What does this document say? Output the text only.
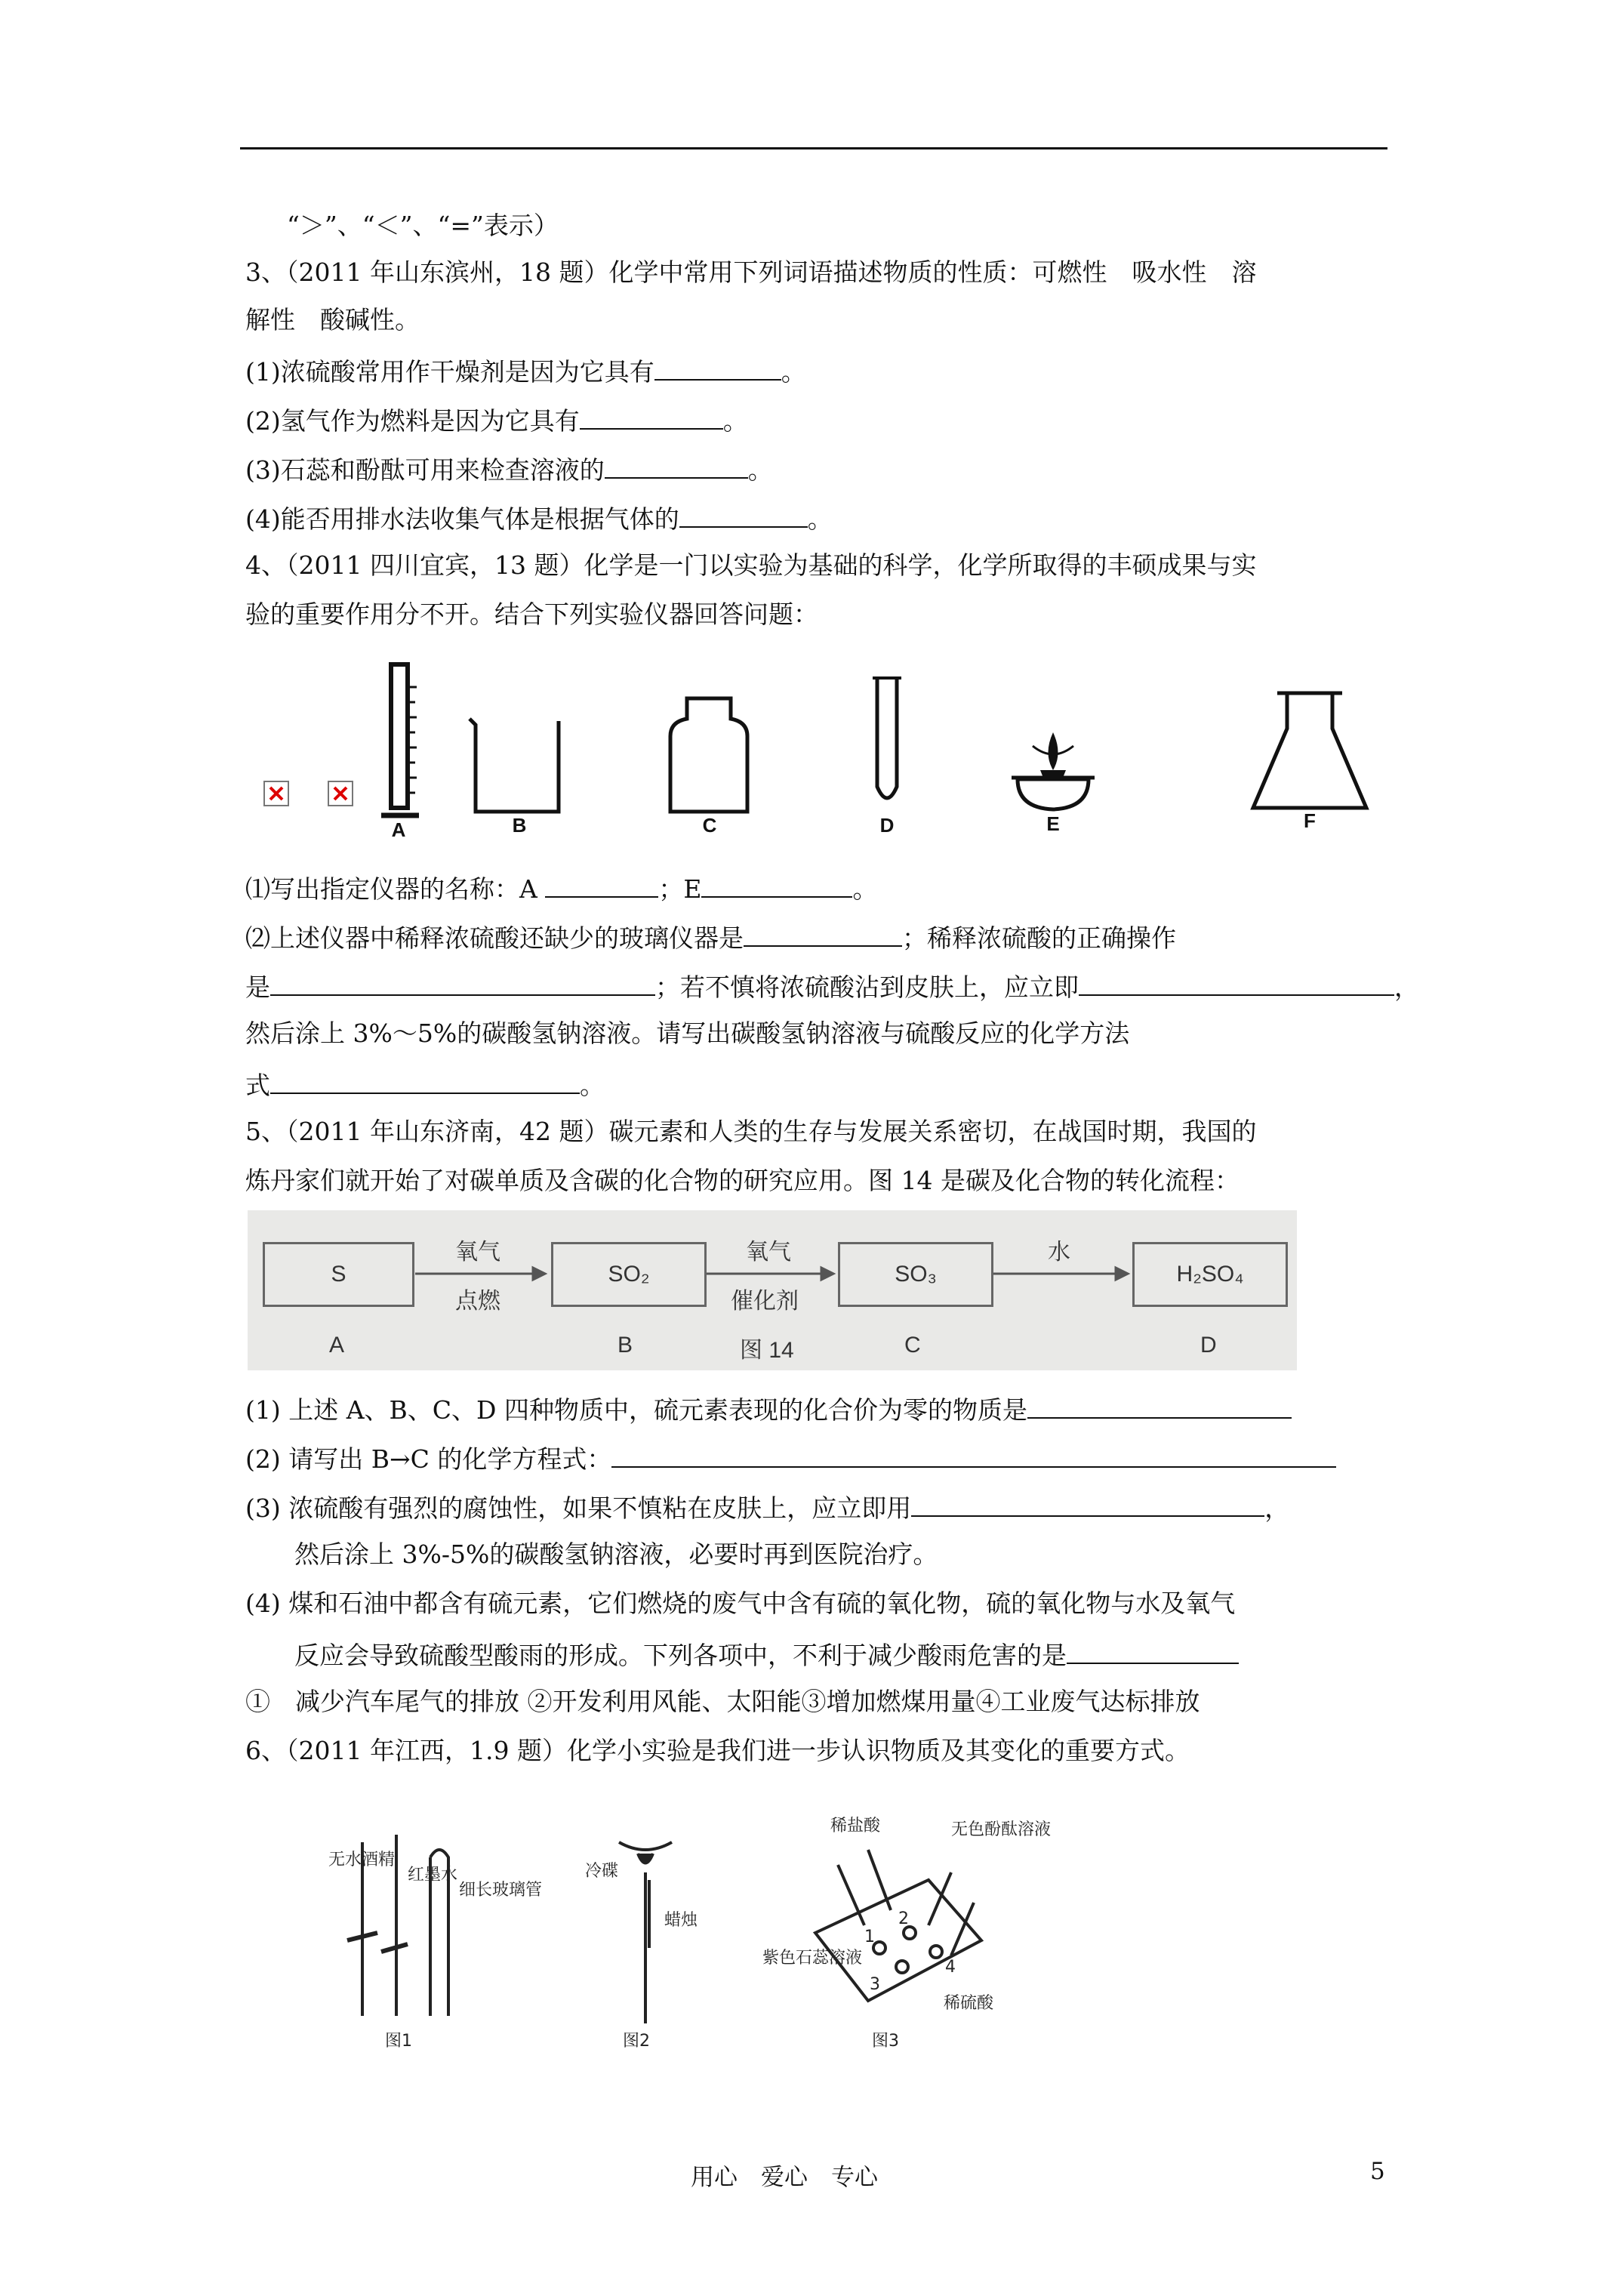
“＞”、“＜”、“=”表示）
3、（2011 年山东滨州，18 题）化学中常用下列词语描述物质的性质：可燃性　吸水性　溶
解性　酸碱性。
(1)浓硫酸常用作干燥剂是因为它具有	。
(2)氢气作为燃料是因为它具有	。
(3)石蕊和酚酞可用来检查溶液的	。
(4)能否用排水法收集气体是根据气体的	。
4、（2011 四川宜宾，13 题）化学是一门以实验为基础的科学，化学所取得的丰硕成果与实
验的重要作用分不开。结合下列实验仪器回答问题：
A	B	C	D	E	F
⑴写出指定仪器的名称：A	；E	。
⑵上述仪器中稀释浓硫酸还缺少的玻璃仪器是	；稀释浓硫酸的正确操作
是	；若不慎将浓硫酸沾到皮肤上，应立即	，
然后涂上 3%～5%的碳酸氢钠溶液。请写出碳酸氢钠溶液与硫酸反应的化学方法
式	。
5、（2011 年山东济南，42 题）碳元素和人类的生存与发展关系密切，在战国时期，我国的
炼丹家们就开始了对碳单质及含碳的化合物的研究应用。图 14 是碳及化合物的转化流程：
S	SO₂	SO₃	H₂SO₄
氧气
点燃
氧气
催化剂
水
A	B	图 14	C	D
(1) 上述 A、B、C、D 四种物质中，硫元素表现的化合价为零的物质是
(2) 请写出 B→C 的化学方程式：
(3) 浓硫酸有强烈的腐蚀性，如果不慎粘在皮肤上，应立即用	，
然后涂上 3%-5%的碳酸氢钠溶液，必要时再到医院治疗。
(4) 煤和石油中都含有硫元素，它们燃烧的废气中含有硫的氧化物，硫的氧化物与水及氧气
反应会导致硫酸型酸雨的形成。下列各项中，不利于减少酸雨危害的是
①　减少汽车尾气的排放 ②开发利用风能、太阳能③增加燃煤用量④工业废气达标排放
6、（2011 年江西，1.9 题）化学小实验是我们进一步认识物质及其变化的重要方式。
无水酒精
红墨水
细长玻璃管
图1
冷碟
蜡烛
图2
稀盐酸	无色酚酞溶液
紫色石蕊溶液
稀硫酸
3
2
1
4
图3
用心　爱心　专心	5
